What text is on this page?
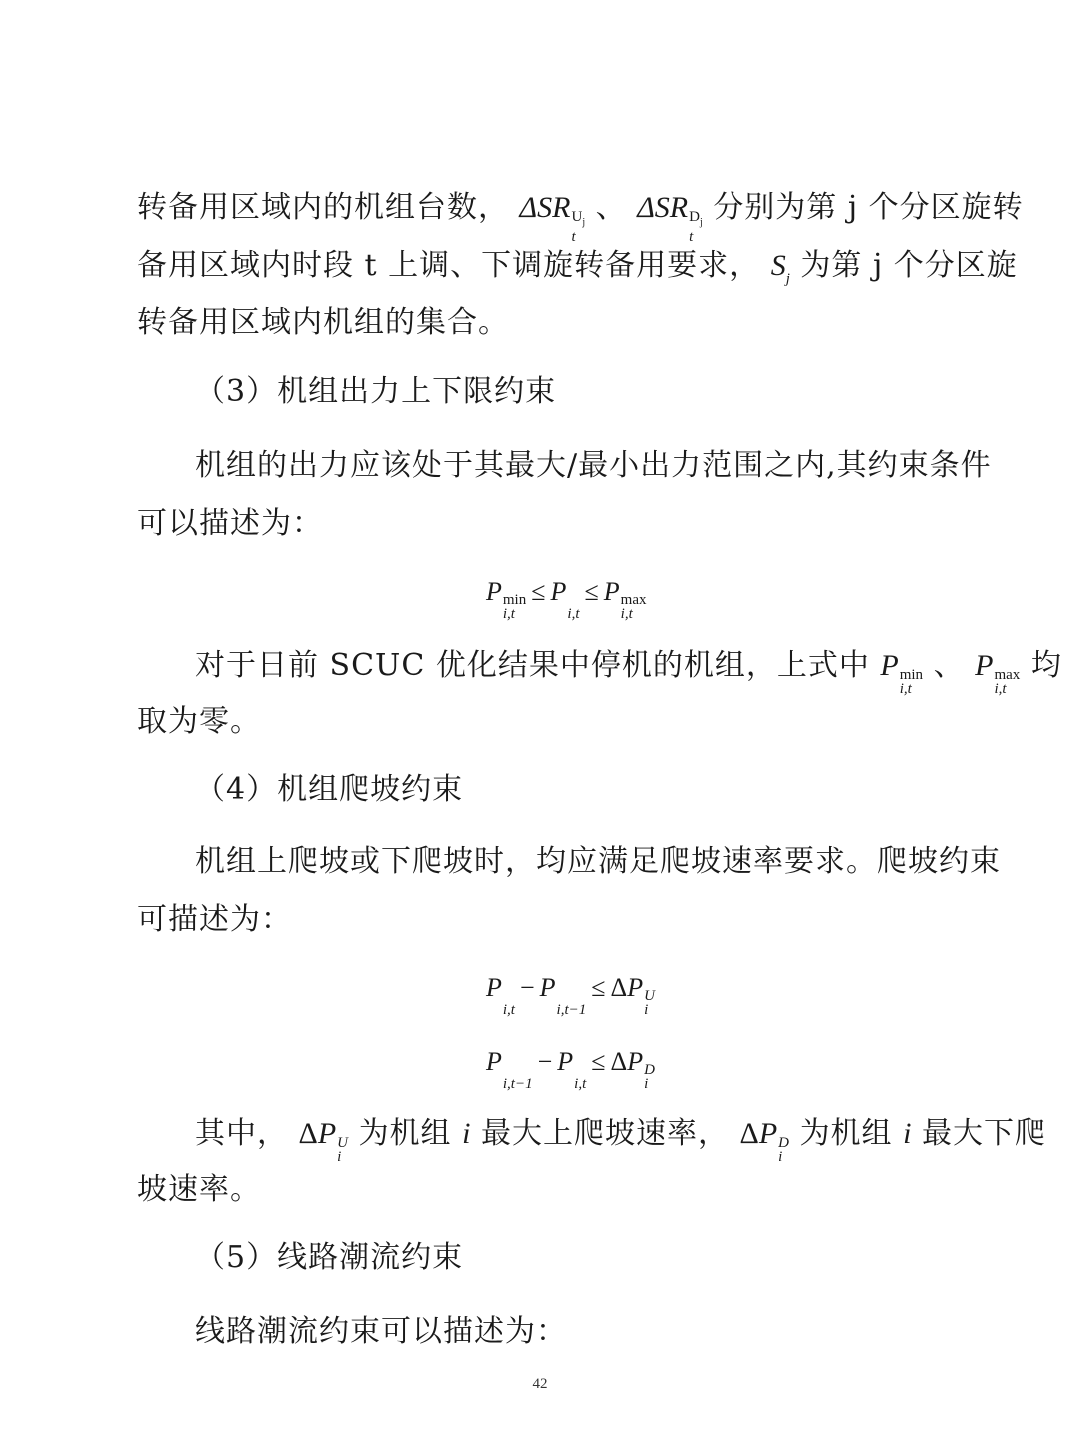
转备用区域内的机组台数， ΔSR $U_j$
t
、 ΔSR $D_j$
t
分别为第 j 个分区旋转
备用区域内时段 t 上调、下调旋转备用要求， $S_j$ 为第 j 个分区旋
转备用区域内机组的集合。
（3）机组出力上下限约束
机组的出力应该处于其最大/最小出力范围之内,其约束条件
可以描述为：
P min
i,t
≤ P

i,t
≤ P max
i,t
对于日前 SCUC 优化结果中停机的机组，上式中 P min
i,t
、 P max
i,t
均
取为零。
（4）机组爬坡约束
机组上爬坡或下爬坡时，均应满足爬坡速率要求。爬坡约束
可描述为：
P

i,t
− P

i,t−1
≤ ΔP U
i
P

i,t−1
− P

i,t
≤ ΔP D
i
其中， ΔP U
i
为机组 i 最大上爬坡速率， ΔP D
i
为机组 i 最大下爬
坡速率。
（5）线路潮流约束
线路潮流约束可以描述为：
42
